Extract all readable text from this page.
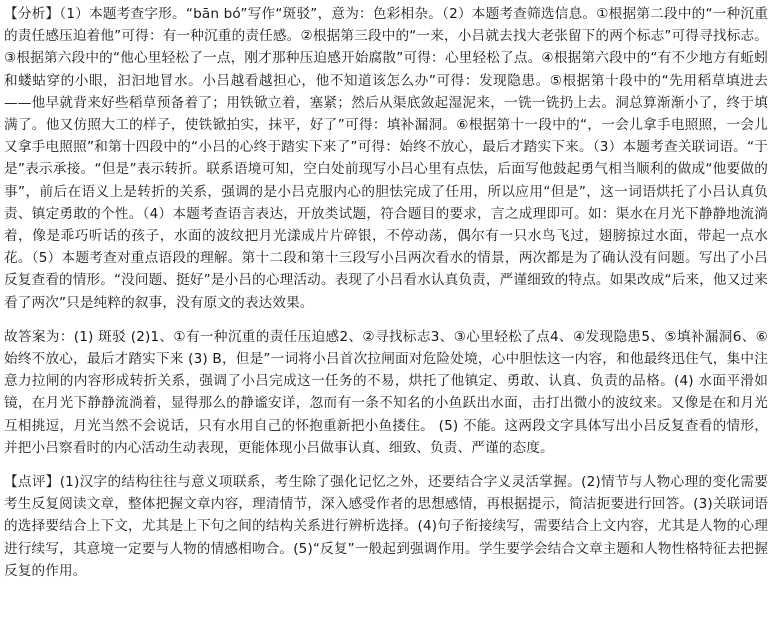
【分析】（1）本题考查字形。“bān bó”写作“斑驳”，意为：色彩相杂。（2）本题考查筛选信息。①根据第二段中的“一种沉重的责任感压迫着他”可得：有一种沉重的责任感。②根据第三段中的“一来，小吕就去找大老张留下的两个标志”可得寻找标志。③根据第六段中的“他心里轻松了一点，刚才那种压迫感开始腐散”可得：心里轻松了点。④根据第六段中的“有不少地方有蚯蚓和蝼蛄穿的小眼，汩汩地冒水。小吕越看越担心，他不知道该怎么办”可得：发现隐患。⑤根据第十段中的“先用稻草填进去——他早就背来好些稻草预备着了；用铁锨立着，塞紧；然后从渠底敛起湿泥来，一铣一铣扔上去。洞总算渐渐小了，终于填满了。他又仿照大工的样子，使铁锨拍实，抹平，好了”可得：填补漏洞。⑥根据第十一段中的“，一会儿拿手电照照，一会儿又拿手电照照”和第十四段中的“小吕的心终于踏实下来了”可得：始终不放心，最后才踏实下来。（3）本题考查关联词语。“于是”表示承接。“但是”表示转折。联系语境可知，空白处前现写小吕心里有点怯，后面写他鼓起勇气相当顺利的做成“他要做的事”，前后在语义上是转折的关系，强调的是小吕克服内心的胆怯完成了任用，所以应用“但是”，这一词语烘托了小吕认真负责、镇定勇敢的个性。（4）本题考查语言表达，开放类试题，符合题目的要求，言之成理即可。如：渠水在月光下静静地流淌着，像是乖巧听话的孩子，水面的波纹把月光漾成片片碎银，不停动荡，偶尔有一只水鸟飞过，翅膀掠过水面，带起一点水花。（5）本题考查对重点语段的理解。第十二段和第十三段写小吕两次看水的情景，两次都是为了确认没有问题。写出了小吕反复查看的情形。“没问题、挺好”是小吕的心理活动。表现了小吕看水认真负责，严谨细致的特点。如果改成“后来，他又过来看了两次”只是纯粹的叙事，没有原文的表达效果。

故答案为：(1) 斑驳 (2)1、①有一种沉重的责任压迫感2、②寻找标志3、③心里轻松了点4、④发现隐患5、⑤填补漏洞6、⑥始终不放心，最后才踏实下来 (3) B，但是”一词将小吕首次拉闸面对危险处境，心中胆怯这一内容，和他最终迅住气，集中注意力拉闸的内容形成转折关系，强调了小吕完成这一任务的不易，烘托了他镇定、勇敢、认真、负责的品格。(4) 水面平滑如镜，在月光下静静流淌着，显得那么的静谧安详，忽而有一条不知名的小鱼跃出水面，击打出微小的波纹来。又像是在和月光互相挑逗，月光当然不会说话，只有水用自己的怀抱重新把小鱼搂住。 (5) 不能。这两段文字具体写出小吕反复查看的情形，并把小吕察看时的内心活动生动表现，更能体现小吕做事认真、细致、负责、严谨的态度。

【点评】(1)汉字的结构往往与意义项联系，考生除了强化记忆之外，还要结合字义灵活掌握。(2)情节与人物心理的变化需要考生反复阅读文章，整体把握文章内容，理清情节，深入感受作者的思想感情，再根据提示，简洁扼要进行回答。(3)关联词语的选择要结合上下文，尤其是上下句之间的结构关系进行辨析选择。(4)句子衔接续写，需要结合上文内容，尤其是人物的心理进行续写，其意境一定要与人物的情感相吻合。(5)“反复”一般起到强调作用。学生要学会结合文章主题和人物性格特征去把握反复的作用。
